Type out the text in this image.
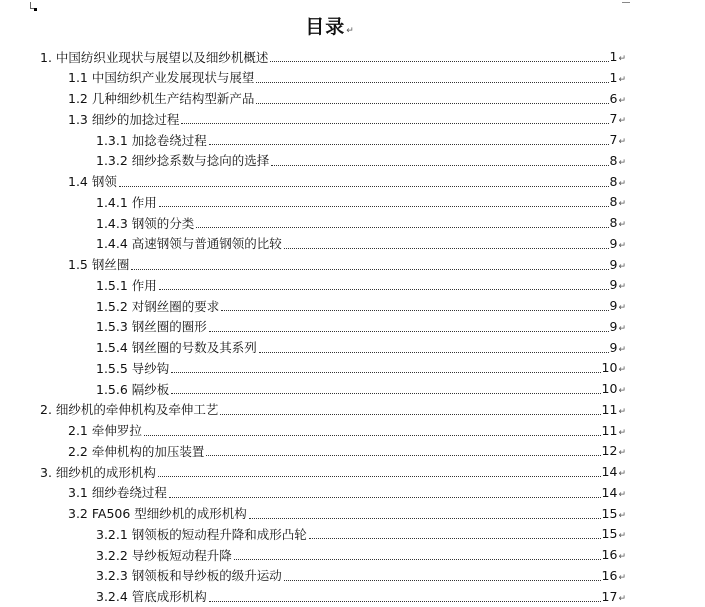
目录↵
1. 中国纺织业现状与展望以及细纱机概述	1↵
1.1 中国纺织产业发展现状与展望	1↵
1.2 几种细纱机生产结构型新产品	6↵
1.3 细纱的加捻过程	7↵
1.3.1 加捻卷绕过程	7↵
1.3.2 细纱捻系数与捻向的选择	8↵
1.4 钢领	8↵
1.4.1 作用	8↵
1.4.3 钢领的分类	8↵
1.4.4 高速钢领与普通钢领的比较	9↵
1.5 钢丝圈	9↵
1.5.1 作用	9↵
1.5.2 对钢丝圈的要求	9↵
1.5.3 钢丝圈的圈形	9↵
1.5.4 钢丝圈的号数及其系列	9↵
1.5.5 导纱钩	10↵
1.5.6 隔纱板	10↵
2. 细纱机的牵伸机构及牵伸工艺	11↵
2.1 牵伸罗拉	11↵
2.2 牵伸机构的加压装置	12↵
3. 细纱机的成形机构	14↵
3.1 细纱卷绕过程	14↵
3.2 FA506 型细纱机的成形机构	15↵
3.2.1 钢领板的短动程升降和成形凸轮	15↵
3.2.2 导纱板短动程升降	16↵
3.2.3 钢领板和导纱板的级升运动	16↵
3.2.4 管底成形机构	17↵
